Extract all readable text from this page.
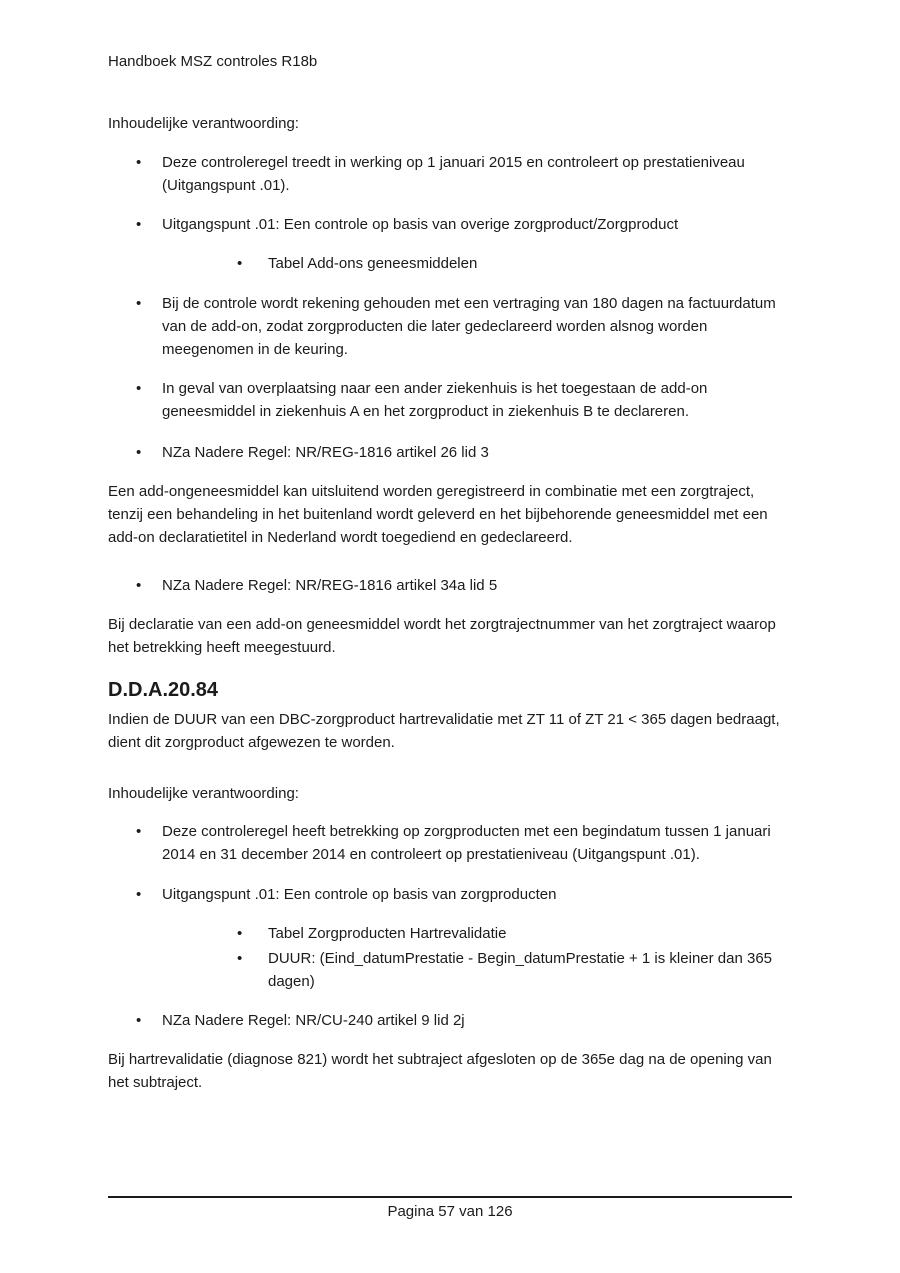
Handboek MSZ controles R18b

Inhoudelijke verantwoording:

•	Deze controleregel treedt in werking op 1 januari 2015 en controleert op prestatieniveau (Uitgangspunt .01).
•	Uitgangspunt .01: Een controle op basis van overige zorgproduct/Zorgproduct
•	Tabel Add-ons geneesmiddelen
•	Bij de controle wordt rekening gehouden met een vertraging van 180 dagen na factuurdatum van de add-on, zodat zorgproducten die later gedeclareerd worden alsnog worden meegenomen in de keuring.
•	In geval van overplaatsing naar een ander ziekenhuis is het toegestaan de add-on geneesmiddel in ziekenhuis A en het zorgproduct in ziekenhuis B te declareren.
•	NZa Nadere Regel: NR/REG-1816 artikel 26 lid 3

Een add-ongeneesmiddel kan uitsluitend worden geregistreerd in combinatie met een zorgtraject, tenzij een behandeling in het buitenland wordt geleverd en het bijbehorende geneesmiddel met een add-on declaratietitel in Nederland wordt toegediend en gedeclareerd.

•	NZa Nadere Regel: NR/REG-1816 artikel 34a lid 5

Bij declaratie van een add-on geneesmiddel wordt het zorgtrajectnummer van het zorgtraject waarop het betrekking heeft meegestuurd.

D.D.A.20.84

Indien de DUUR van een DBC-zorgproduct hartrevalidatie met ZT 11 of ZT 21 < 365 dagen bedraagt, dient dit zorgproduct afgewezen te worden.

Inhoudelijke verantwoording:

•	Deze controleregel heeft betrekking op zorgproducten met een begindatum tussen 1 januari 2014 en 31 december 2014 en controleert op prestatieniveau (Uitgangspunt .01).
•	Uitgangspunt .01: Een controle op basis van zorgproducten
•	Tabel Zorgproducten Hartrevalidatie
•	DUUR: (Eind_datumPrestatie - Begin_datumPrestatie + 1 is kleiner dan 365 dagen)
•	NZa Nadere Regel: NR/CU-240 artikel 9 lid 2j

Bij hartrevalidatie (diagnose 821) wordt het subtraject afgesloten op de 365e dag na de opening van het subtraject.

Pagina 57 van 126
